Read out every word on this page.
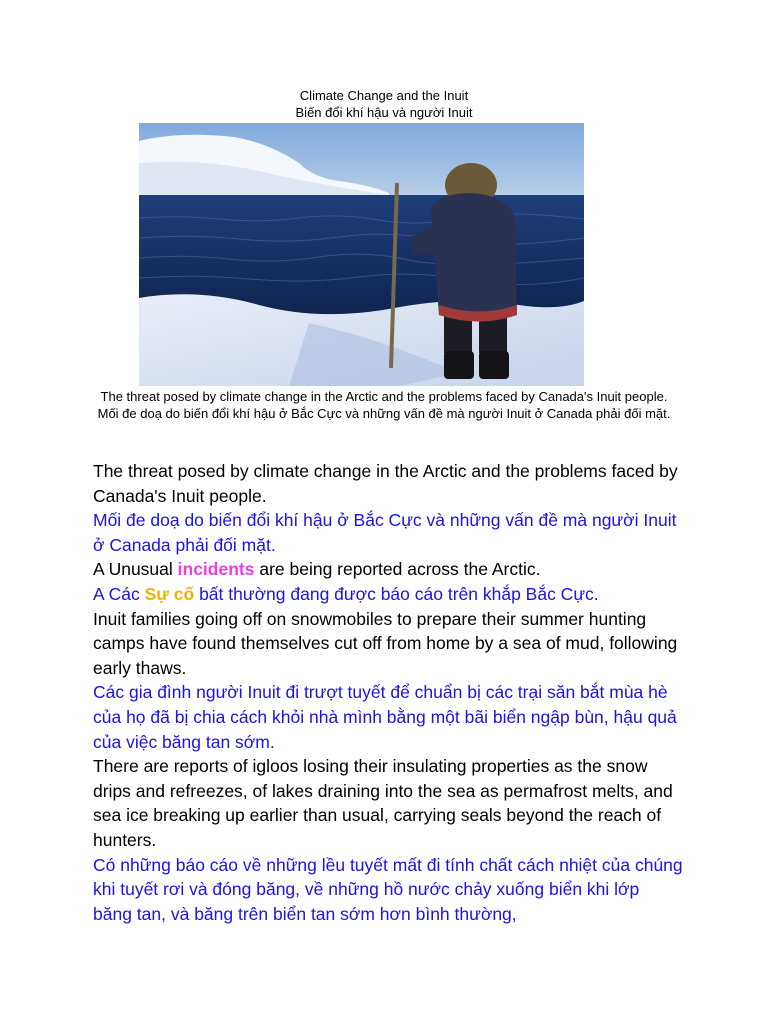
Climate Change and the Inuit
Biến đổi khí hậu và người Inuit
The threat posed by climate change in the Arctic and the problems faced by Canada's Inuit people.
Mối đe doạ do biến đổi khí hậu ở Bắc Cực và những vấn đề mà người Inuit ở Canada phải đối mặt.

The threat posed by climate change in the Arctic and the problems faced by Canada's Inuit people.

Mối đe doạ do biến đổi khí hậu ở Bắc Cực và những vấn đề mà người Inuit ở Canada phải đối mặt.

A Unusual incidents are being reported across the Arctic.

A Các Sự cố bất thường đang được báo cáo trên khắp Bắc Cực.

Inuit families going off on snowmobiles to prepare their summer hunting camps have found themselves cut off from home by a sea of mud, following early thaws.

Các gia đình người Inuit đi trượt tuyết để chuẩn bị các trại săn bắt mùa hè của họ đã bị chia cách khỏi nhà mình bằng một bãi biển ngập bùn, hậu quả của việc băng tan sớm.

There are reports of igloos losing their insulating properties as the snow drips and refreezes, of lakes draining into the sea as permafrost melts, and sea ice breaking up earlier than usual, carrying seals beyond the reach of hunters.

Có những báo cáo về những lều tuyết mất đi tính chất cách nhiệt của chúng khi tuyết rơi và đóng băng, về những hồ nước chảy xuống biển khi lớp băng tan, và băng trên biển tan sớm hơn bình thường,
